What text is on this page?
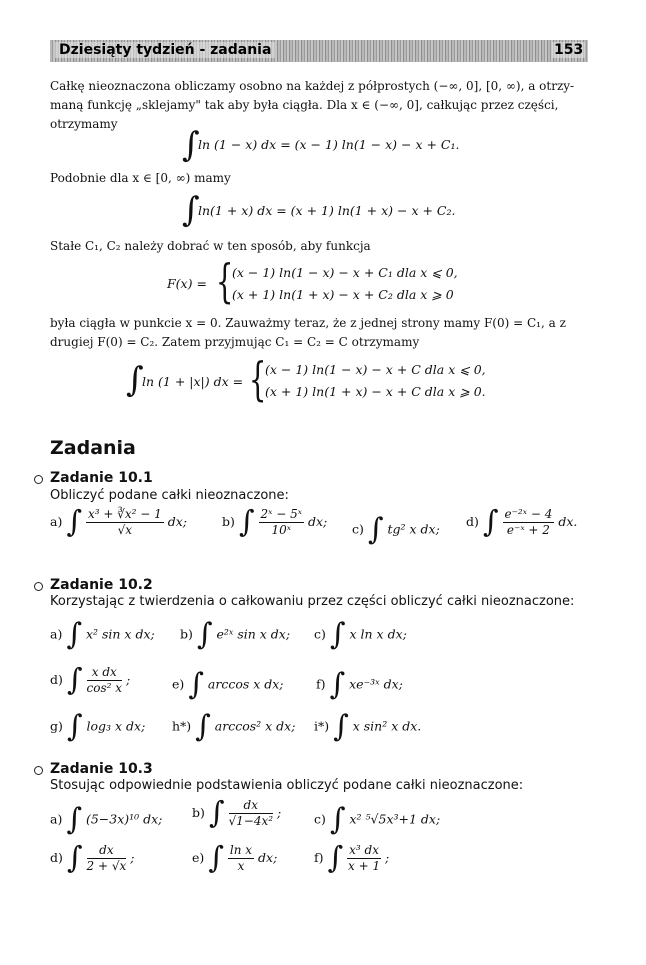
Dziesiąty tydzień - zadania	153
Całkę nieoznaczona obliczamy osobno na każdej z półprostych (−∞, 0], [0, ∞), a otrzy-
maną funkcję „sklejamy" tak aby była ciągła. Dla x ∈ (−∞, 0], całkując przez części,
otrzymamy
∫
ln (1 − x) dx = (x − 1) ln(1 − x) − x + C₁.
Podobnie dla x ∈ [0, ∞) mamy
∫
ln(1 + x) dx = (x + 1) ln(1 + x) − x + C₂.
Stałe C₁, C₂ należy dobrać w ten sposób, aby funkcja
F(x) = {
(x − 1) ln(1 − x) − x + C₁ dla x ⩽ 0,
(x + 1) ln(1 + x) − x + C₂ dla x ⩾ 0
była ciągła w punkcie x = 0. Zauważmy teraz, że z jednej strony mamy F(0) = C₁, a z
drugiej F(0) = C₂. Zatem przyjmując C₁ = C₂ = C otrzymamy
∫
ln (1 + |x|) dx = {
(x − 1) ln(1 − x) − x + C dla x ⩽ 0,
(x + 1) ln(1 + x) − x + C dla x ⩾ 0.
Zadania
Zadanie 10.1
Obliczyć podane całki nieoznaczone:
a) ∫ $\frac{\text{x³ + ∛x² − 1}}{√x}$ dx;	b) ∫ $\frac{\text{2ˣ − 5ˣ}}{\text{10ˣ}}$ dx; c) ∫ tg² x dx; d) ∫ $\frac{\text{e⁻²ˣ − 4}}{\text{e⁻ˣ + 2}}$ dx.
Zadanie 10.2
Korzystając z twierdzenia o całkowaniu przez części obliczyć całki nieoznaczone:
a) ∫ x² sin x dx; b) ∫ e²ˣ sin x dx; c) ∫ x ln x dx;
d) ∫ $\frac{\text{x dx}}{\text{cos² x}}$ ;	e) ∫ arccos x dx;	f) ∫ xe⁻³ˣ dx;
g) ∫ log₃ x dx; h*) ∫ arccos² x dx; i*) ∫ x sin² x dx.
Zadanie 10.3
Stosując odpowiednie podstawienia obliczyć podane całki nieoznaczone:
a) ∫ (5−3x)¹⁰ dx; b) ∫ $\frac{dx}{\text{√1−4x²}}$ ;	c) ∫ x² ⁵√5x³+1 dx;
d) ∫ $\frac{dx}{2 + √x}$ ;	e) ∫ $\frac{\text{ln x}}{x}$ dx;	f) ∫ $\frac{\text{x³ dx}}{x + 1}$ ;
